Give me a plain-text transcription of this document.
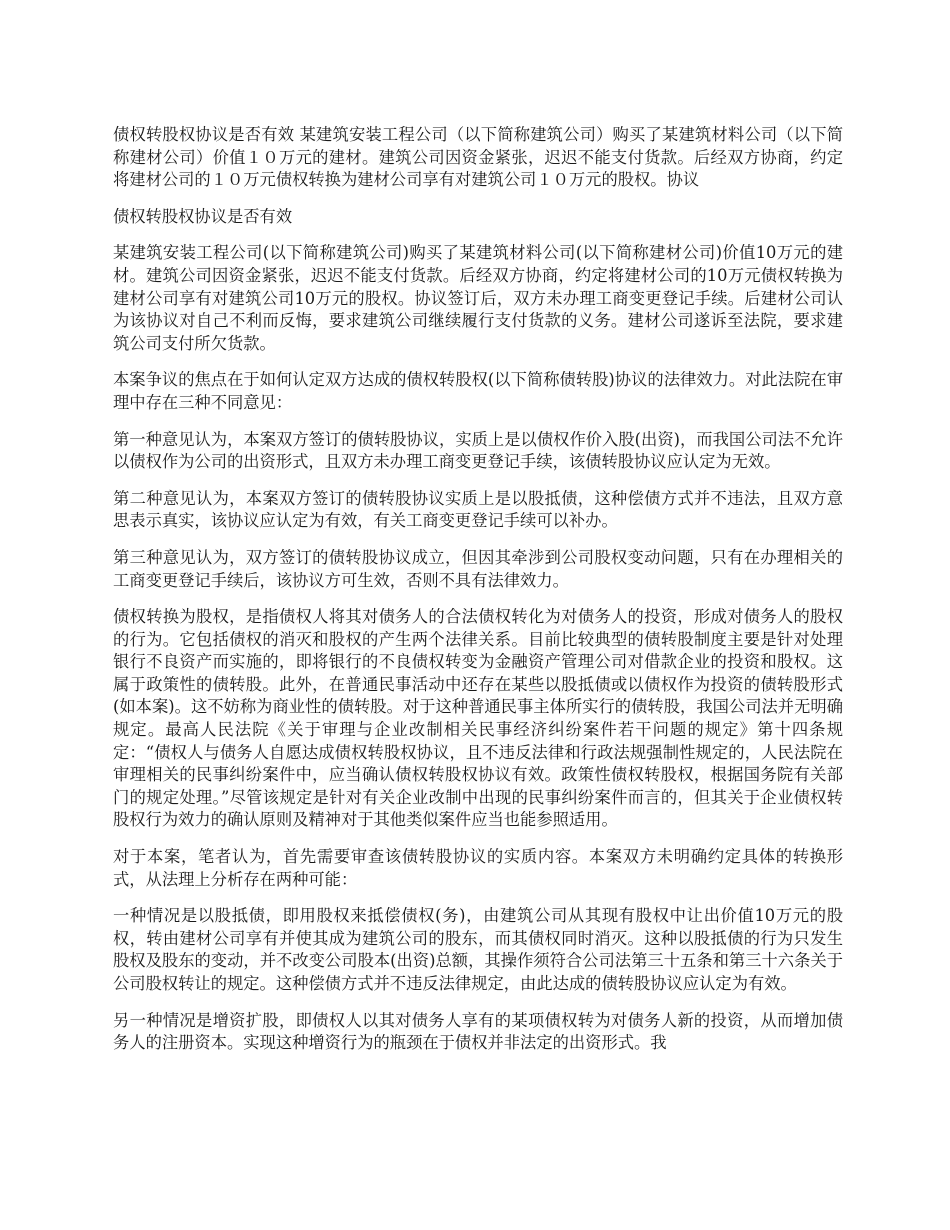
债权转股权协议是否有效 某建筑安装工程公司（以下简称建筑公司）购买了某建筑材料公司（以下简称建材公司）价值１０万元的建材。建筑公司因资金紧张，迟迟不能支付货款。后经双方协商，约定将建材公司的１０万元债权转换为建材公司享有对建筑公司１０万元的股权。协议

债权转股权协议是否有效

某建筑安装工程公司(以下简称建筑公司)购买了某建筑材料公司(以下简称建材公司)价值10万元的建材。建筑公司因资金紧张，迟迟不能支付货款。后经双方协商，约定将建材公司的10万元债权转换为建材公司享有对建筑公司10万元的股权。协议签订后，双方未办理工商变更登记手续。后建材公司认为该协议对自己不利而反悔，要求建筑公司继续履行支付货款的义务。建材公司遂诉至法院，要求建筑公司支付所欠货款。

本案争议的焦点在于如何认定双方达成的债权转股权(以下简称债转股)协议的法律效力。对此法院在审理中存在三种不同意见：

第一种意见认为，本案双方签订的债转股协议，实质上是以债权作价入股(出资)，而我国公司法不允许以债权作为公司的出资形式，且双方未办理工商变更登记手续，该债转股协议应认定为无效。

第二种意见认为，本案双方签订的债转股协议实质上是以股抵债，这种偿债方式并不违法，且双方意思表示真实，该协议应认定为有效，有关工商变更登记手续可以补办。

第三种意见认为，双方签订的债转股协议成立，但因其牵涉到公司股权变动问题，只有在办理相关的工商变更登记手续后，该协议方可生效，否则不具有法律效力。

债权转换为股权，是指债权人将其对债务人的合法债权转化为对债务人的投资，形成对债务人的股权的行为。它包括债权的消灭和股权的产生两个法律关系。目前比较典型的债转股制度主要是针对处理银行不良资产而实施的，即将银行的不良债权转变为金融资产管理公司对借款企业的投资和股权。这属于政策性的债转股。此外，在普通民事活动中还存在某些以股抵债或以债权作为投资的债转股形式(如本案)。这不妨称为商业性的债转股。对于这种普通民事主体所实行的债转股，我国公司法并无明确规定。最高人民法院《关于审理与企业改制相关民事经济纠纷案件若干问题的规定》第十四条规定：“债权人与债务人自愿达成债权转股权协议，且不违反法律和行政法规强制性规定的，人民法院在审理相关的民事纠纷案件中，应当确认债权转股权协议有效。政策性债权转股权，根据国务院有关部门的规定处理。”尽管该规定是针对有关企业改制中出现的民事纠纷案件而言的，但其关于企业债权转股权行为效力的确认原则及精神对于其他类似案件应当也能参照适用。

对于本案，笔者认为，首先需要审查该债转股协议的实质内容。本案双方未明确约定具体的转换形式，从法理上分析存在两种可能：

一种情况是以股抵债，即用股权来抵偿债权(务)，由建筑公司从其现有股权中让出价值10万元的股权，转由建材公司享有并使其成为建筑公司的股东，而其债权同时消灭。这种以股抵债的行为只发生股权及股东的变动，并不改变公司股本(出资)总额，其操作须符合公司法第三十五条和第三十六条关于公司股权转让的规定。这种偿债方式并不违反法律规定，由此达成的债转股协议应认定为有效。

另一种情况是增资扩股，即债权人以其对债务人享有的某项债权转为对债务人新的投资，从而增加债务人的注册资本。实现这种增资行为的瓶颈在于债权并非法定的出资形式。我
